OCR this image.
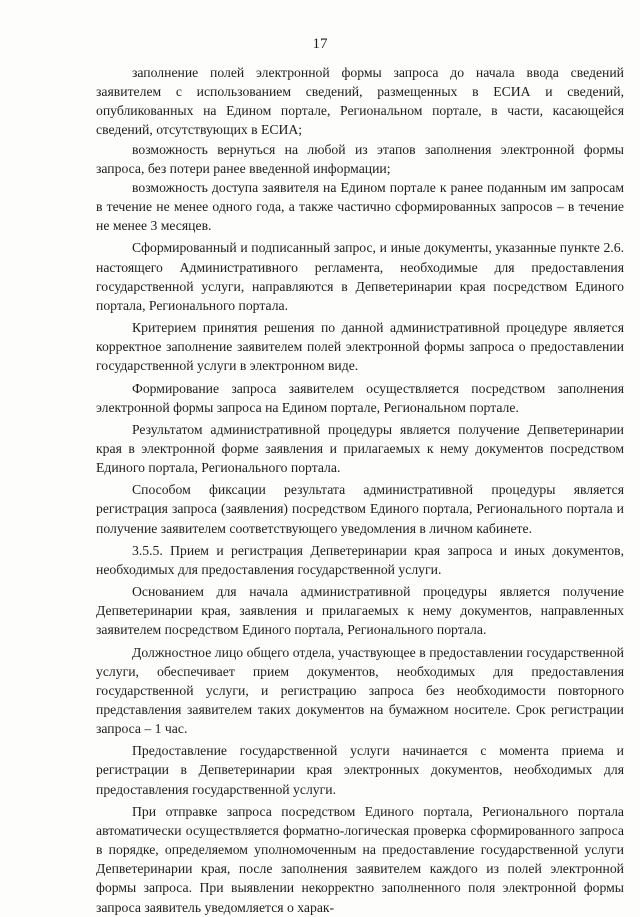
17

заполнение полей электронной формы запроса до начала ввода сведений заявителем с использованием сведений, размещенных в ЕСИА и сведений, опубликованных на Едином портале, Региональном портале, в части, касающейся сведений, отсутствующих в ЕСИА;

возможность вернуться на любой из этапов заполнения электронной формы запроса, без потери ранее введенной информации;

возможность доступа заявителя на Едином портале к ранее поданным им запросам в течение не менее одного года, а также частично сформированных запросов – в течение не менее 3 месяцев.

Сформированный и подписанный запрос, и иные документы, указанные пункте 2.6. настоящего Административного регламента, необходимые для предоставления государственной услуги, направляются в Депветеринарии края посредством Единого портала, Регионального портала.

Критерием принятия решения по данной административной процедуре является корректное заполнение заявителем полей электронной формы запроса о предоставлении государственной услуги в электронном виде.

Формирование запроса заявителем осуществляется посредством заполнения электронной формы запроса на Едином портале, Региональном портале.

Результатом административной процедуры является получение Депветеринарии края в электронной форме заявления и прилагаемых к нему документов посредством Единого портала, Регионального портала.

Способом фиксации результата административной процедуры является регистрация запроса (заявления) посредством Единого портала, Регионального портала и получение заявителем соответствующего уведомления в личном кабинете.

3.5.5. Прием и регистрация Депветеринарии края запроса и иных документов, необходимых для предоставления государственной услуги.

Основанием для начала административной процедуры является получение Депветеринарии края, заявления и прилагаемых к нему документов, направленных заявителем посредством Единого портала, Регионального портала.

Должностное лицо общего отдела, участвующее в предоставлении государственной услуги, обеспечивает прием документов, необходимых для предоставления государственной услуги, и регистрацию запроса без необходимости повторного представления заявителем таких документов на бумажном носителе. Срок регистрации запроса – 1 час.

Предоставление государственной услуги начинается с момента приема и регистрации в Депветеринарии края электронных документов, необходимых для предоставления государственной услуги.

При отправке запроса посредством Единого портала, Регионального портала автоматически осуществляется форматно-логическая проверка сформированного запроса в порядке, определяемом уполномоченным на предоставление государственной услуги Депветеринарии края, после заполнения заявителем каждого из полей электронной формы запроса. При выявлении некорректно заполненного поля электронной формы запроса заявитель уведомляется о харак-
